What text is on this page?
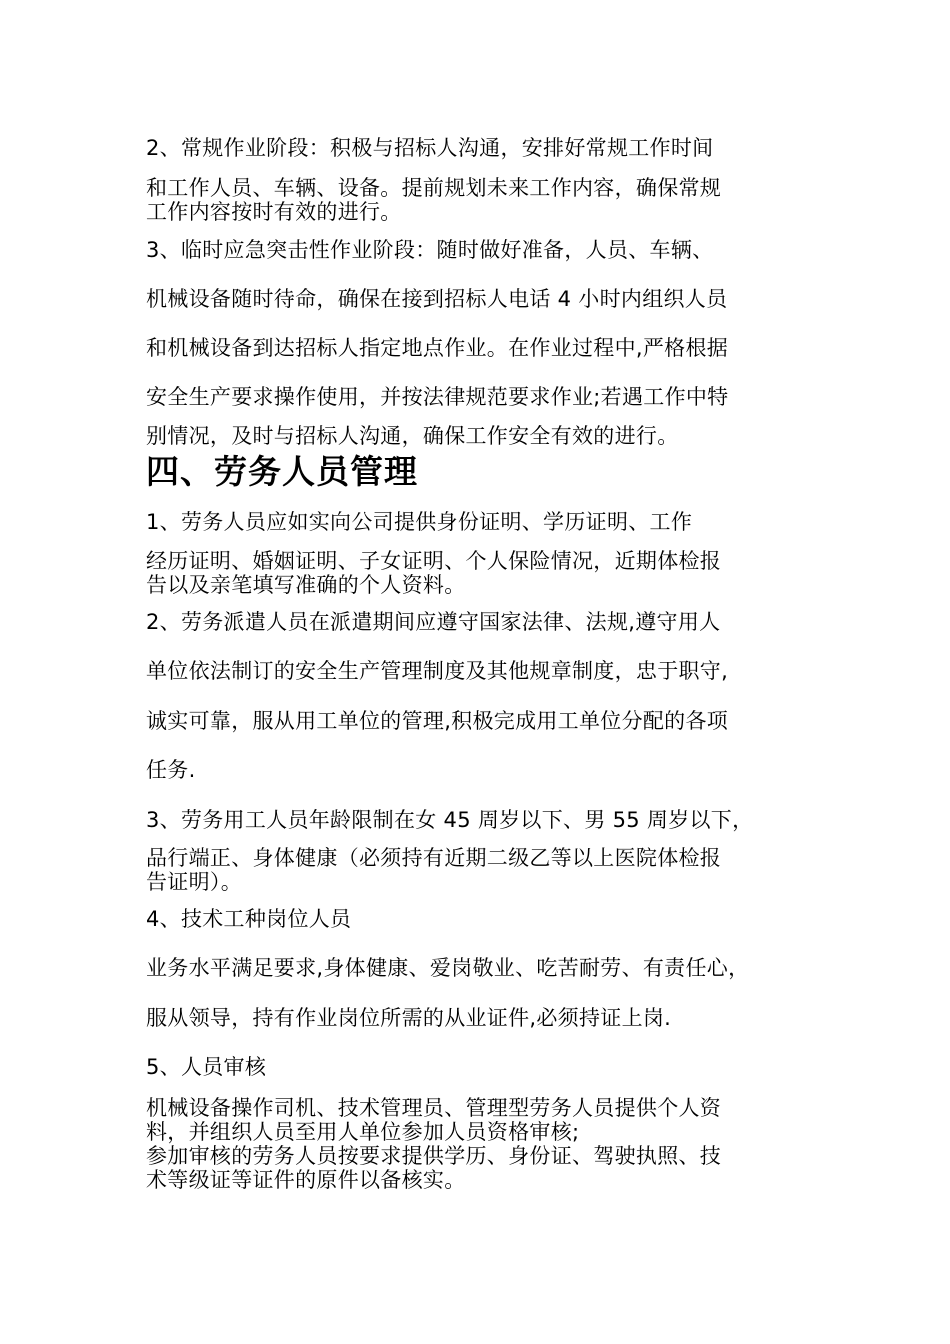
2、常规作业阶段：积极与招标人沟通，安排好常规工作时间
和工作人员、车辆、设备。提前规划未来工作内容，确保常规
工作内容按时有效的进行。
3、临时应急突击性作业阶段：随时做好准备，人员、车辆、
机械设备随时待命，确保在接到招标人电话 4 小时内组织人员
和机械设备到达招标人指定地点作业。在作业过程中,严格根据
安全生产要求操作使用，并按法律规范要求作业;若遇工作中特
别情况，及时与招标人沟通，确保工作安全有效的进行。
四、劳务人员管理
1、劳务人员应如实向公司提供身份证明、学历证明、工作
经历证明、婚姻证明、子女证明、个人保险情况，近期体检报
告以及亲笔填写准确的个人资料。
2、劳务派遣人员在派遣期间应遵守国家法律、法规,遵守用人
单位依法制订的安全生产管理制度及其他规章制度，忠于职守,
诚实可靠，服从用工单位的管理,积极完成用工单位分配的各项
任务.
3、劳务用工人员年龄限制在女 45 周岁以下、男 55 周岁以下，
品行端正、身体健康（必须持有近期二级乙等以上医院体检报
告证明）。
4、技术工种岗位人员
业务水平满足要求,身体健康、爱岗敬业、吃苦耐劳、有责任心，
服从领导，持有作业岗位所需的从业证件,必须持证上岗.
5、人员审核
机械设备操作司机、技术管理员、管理型劳务人员提供个人资
料，并组织人员至用人单位参加人员资格审核;
参加审核的劳务人员按要求提供学历、身份证、驾驶执照、技
术等级证等证件的原件以备核实。
